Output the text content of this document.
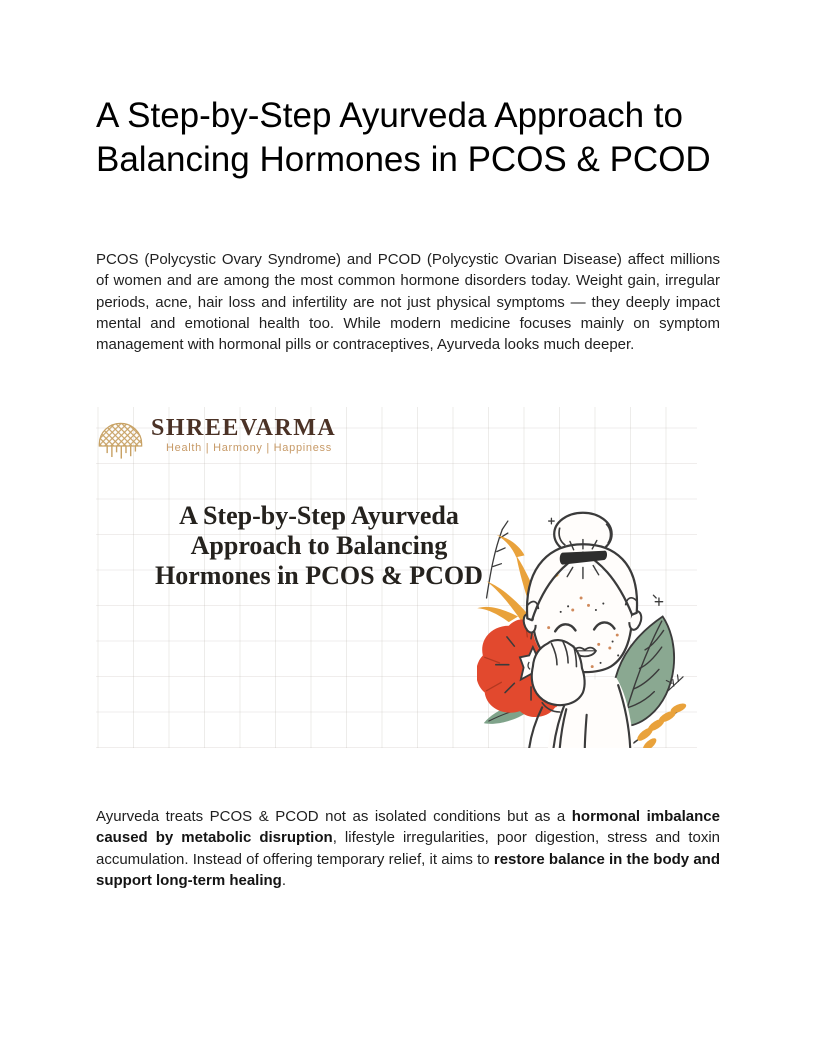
A Step-by-Step Ayurveda Approach to
Balancing Hormones in PCOS & PCOD

PCOS (Polycystic Ovary Syndrome) and PCOD (Polycystic Ovarian Disease) affect millions of women and are among the most common hormone disorders today. Weight gain, irregular periods, acne, hair loss and infertility are not just physical symptoms — they deeply impact mental and emotional health too. While modern medicine focuses mainly on symptom management with hormonal pills or contraceptives, Ayurveda looks much deeper.

SHREEVARMA
Health | Harmony | Happiness
A Step-by-Step Ayurveda
Approach to Balancing
Hormones in PCOS & PCOD

Ayurveda treats PCOS & PCOD not as isolated conditions but as a hormonal imbalance caused by metabolic disruption, lifestyle irregularities, poor digestion, stress and toxin accumulation. Instead of offering temporary relief, it aims to restore balance in the body and support long-term healing.
